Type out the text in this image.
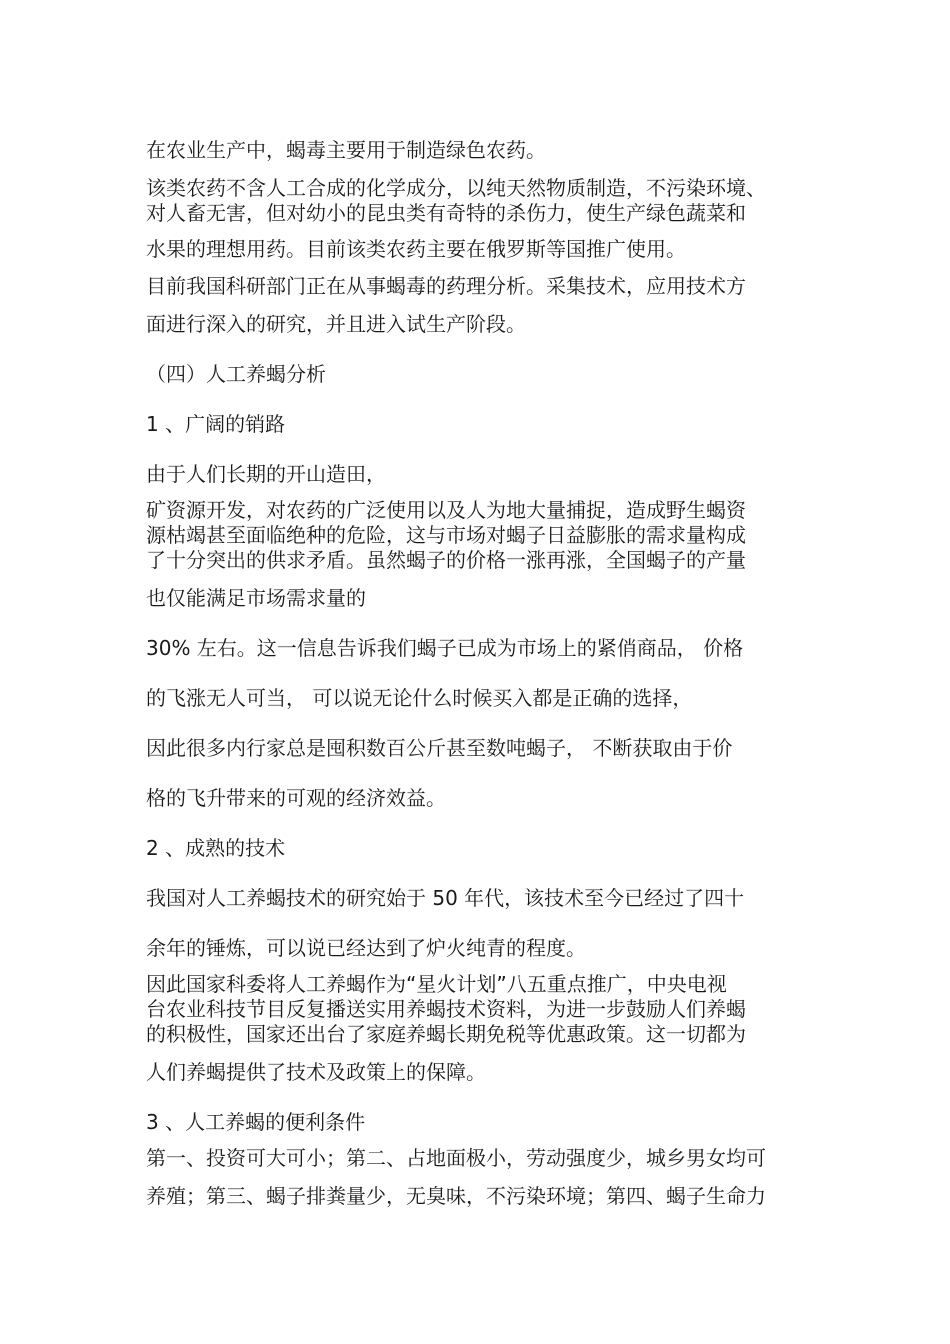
在农业生产中，蝎毒主要用于制造绿色农药。
该类农药不含人工合成的化学成分，以纯天然物质制造，不污染环境、
对人畜无害，但对幼小的昆虫类有奇特的杀伤力，使生产绿色蔬菜和
水果的理想用药。目前该类农药主要在俄罗斯等国推广使用。
目前我国科研部门正在从事蝎毒的药理分析。采集技术，应用技术方
面进行深入的研究，并且进入试生产阶段。
（四）人工养蝎分析
1 、广阔的销路
由于人们长期的开山造田，
矿资源开发，对农药的广泛使用以及人为地大量捕捉，造成野生蝎资
源枯竭甚至面临绝种的危险，这与市场对蝎子日益膨胀的需求量构成
了十分突出的供求矛盾。虽然蝎子的价格一涨再涨，全国蝎子的产量
也仅能满足市场需求量的
30% 左右。这一信息告诉我们蝎子已成为市场上的紧俏商品， 价格
的飞涨无人可当， 可以说无论什么时候买入都是正确的选择，
因此很多内行家总是囤积数百公斤甚至数吨蝎子， 不断获取由于价
格的飞升带来的可观的经济效益。
2 、成熟的技术
我国对人工养蝎技术的研究始于 50 年代，该技术至今已经过了四十
余年的锤炼，可以说已经达到了炉火纯青的程度。
因此国家科委将人工养蝎作为“星火计划”八五重点推广，中央电视
台农业科技节目反复播送实用养蝎技术资料，为进一步鼓励人们养蝎
的积极性，国家还出台了家庭养蝎长期免税等优惠政策。这一切都为
人们养蝎提供了技术及政策上的保障。
3 、人工养蝎的便利条件
第一、投资可大可小；第二、占地面极小，劳动强度少，城乡男女均可
养殖；第三、蝎子排粪量少，无臭味，不污染环境；第四、蝎子生命力
